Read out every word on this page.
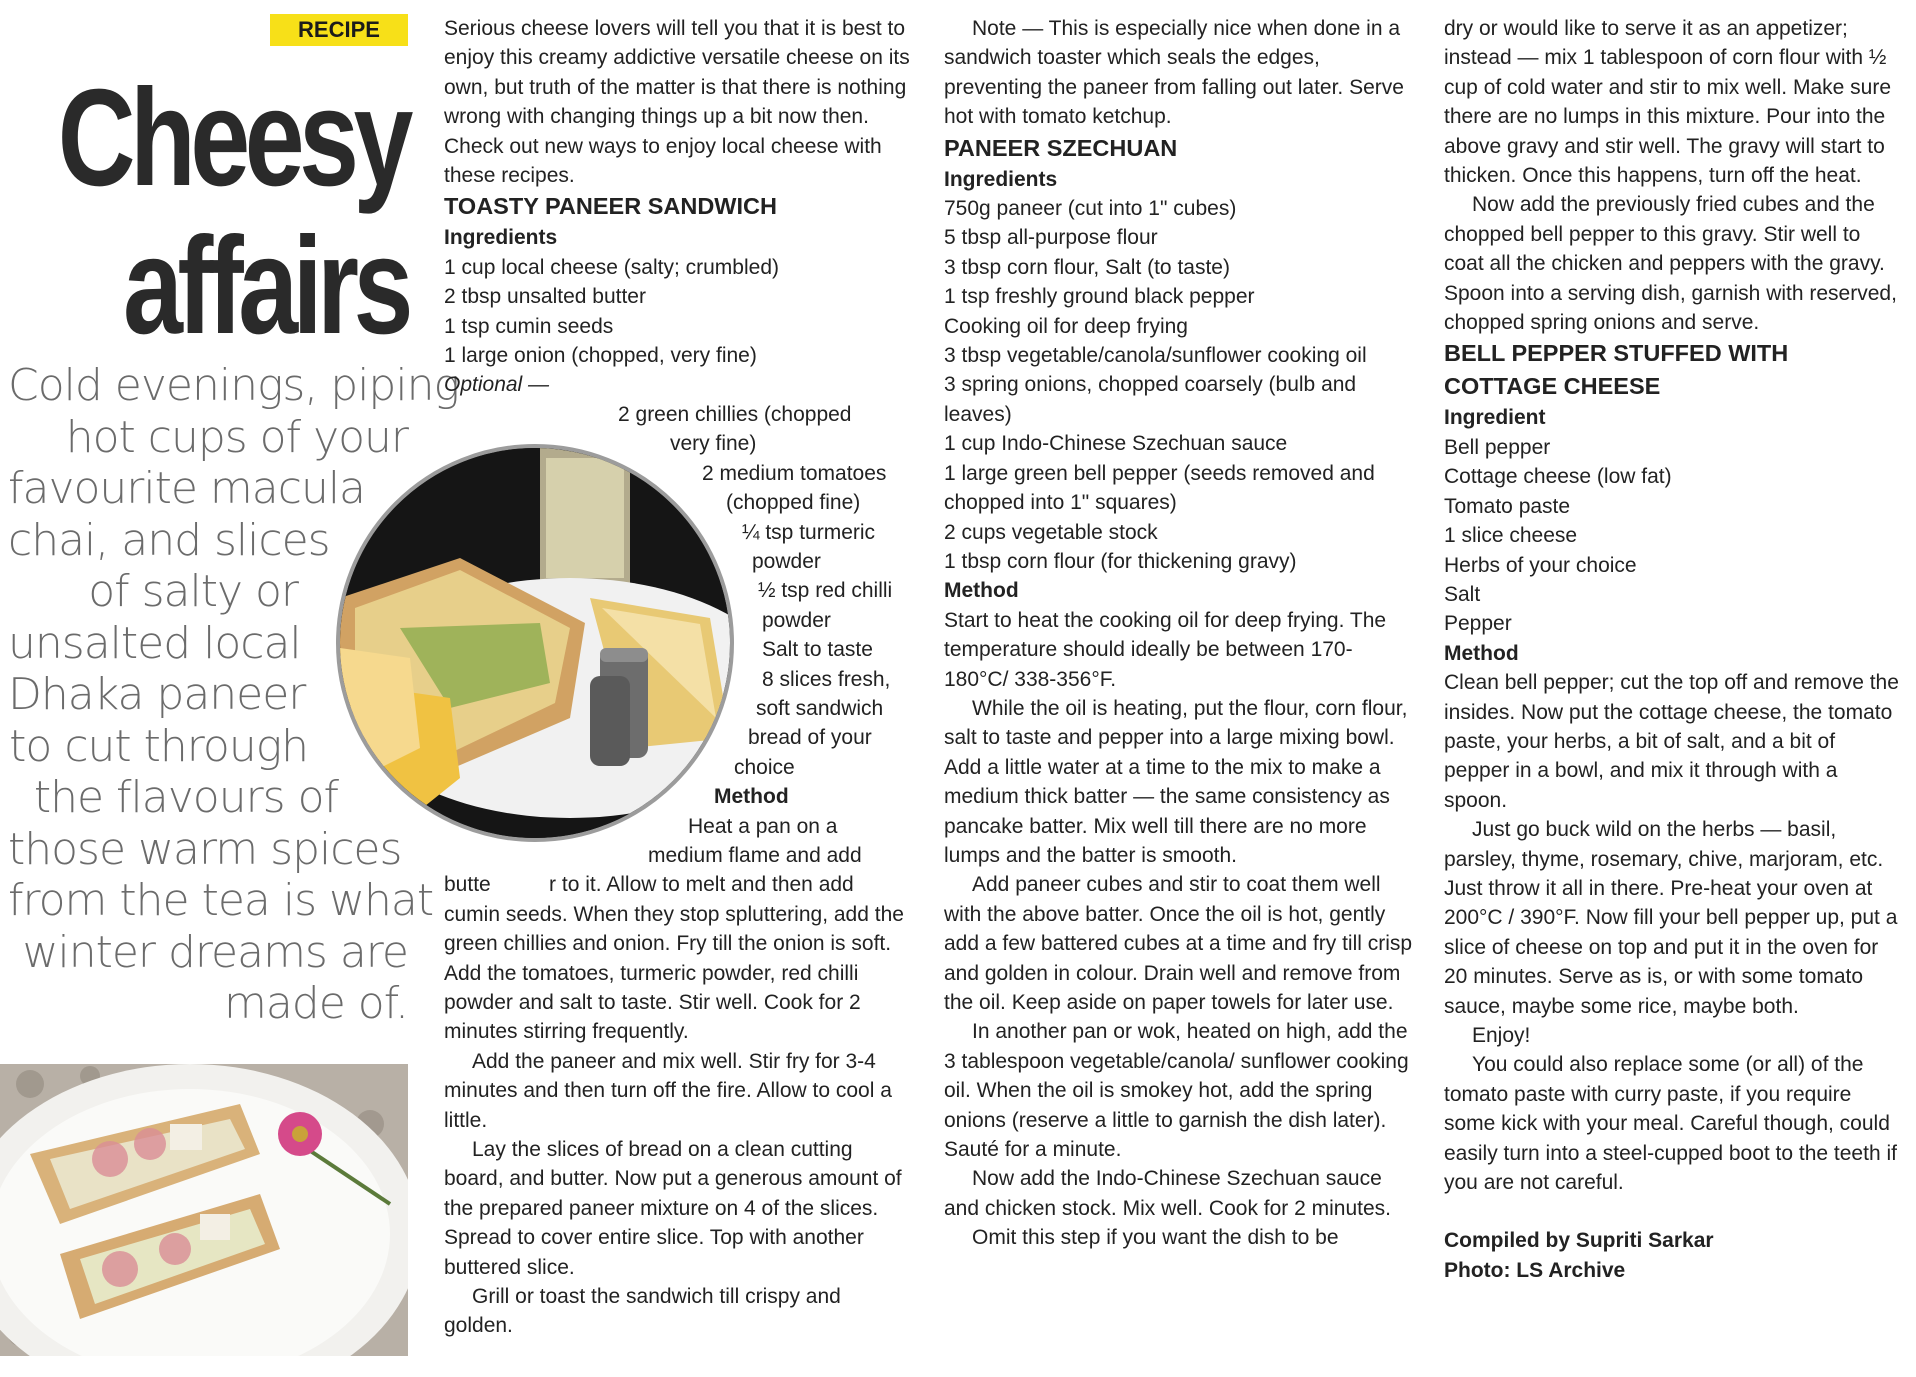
RECIPE
Cheesy
affairs
Cold evenings, piping
hot cups of your
favourite macula
chai, and slices
of salty or
unsalted local
Dhaka paneer
to cut through
the flavours of
those warm spices
from the tea is what
winter dreams are
made of.

Serious cheese lovers will tell you that it is best to enjoy this creamy addictive versatile cheese on its own, but truth of the matter is that there is nothing wrong with changing things up a bit now then. Check out new ways to enjoy local cheese with these recipes.

TOASTY PANEER SANDWICH
Ingredients
1 cup local cheese (salty; crumbled)
2 tbsp unsalted butter
1 tsp cumin seeds
1 large onion (chopped, very fine)
Optional —
2 green chillies (chopped
very fine)
2 medium tomatoes
(chopped fine)
¼ tsp turmeric
powder
½ tsp red chilli
powder
Salt to taste
8 slices fresh,
soft sandwich
bread of your
choice
Method
Heat a pan on a
medium flame and add

butte          r to it. Allow to melt and then add cumin seeds. When they stop spluttering, add the green chillies and onion. Fry till the onion is soft. Add the tomatoes, turmeric powder, red chilli powder and salt to taste. Stir well. Cook for 2 minutes stirring frequently.

Add the paneer and mix well. Stir fry for 3-4 minutes and then turn off the fire. Allow to cool a little.

Lay the slices of bread on a clean cutting board, and butter. Now put a generous amount of the prepared paneer mixture on 4 of the slices. Spread to cover entire slice. Top with another buttered slice.

Grill or toast the sandwich till crispy and golden.

Note — This is especially nice when done in a sandwich toaster which seals the edges, preventing the paneer from falling out later. Serve hot with tomato ketchup.

PANEER SZECHUAN
Ingredients

750g paneer (cut into 1" cubes)

5 tbsp all-purpose flour

3 tbsp corn flour, Salt (to taste)

1 tsp freshly ground black pepper

Cooking oil for deep frying

3 tbsp vegetable/canola/sunflower cooking oil

3 spring onions, chopped coarsely (bulb and leaves)

1 cup Indo-Chinese Szechuan sauce

1 large green bell pepper (seeds removed and chopped into 1" squares)

2 cups vegetable stock

1 tbsp corn flour (for thickening gravy)

Method

Start to heat the cooking oil for deep frying. The temperature should ideally be between 170-180°C/ 338-356°F.

While the oil is heating, put the flour, corn flour, salt to taste and pepper into a large mixing bowl. Add a little water at a time to the mix to make a medium thick batter — the same consistency as pancake batter. Mix well till there are no more lumps and the batter is smooth.

Add paneer cubes and stir to coat them well with the above batter. Once the oil is hot, gently add a few battered cubes at a time and fry till crisp and golden in colour. Drain well and remove from the oil. Keep aside on paper towels for later use.

In another pan or wok, heated on high, add the 3 tablespoon vegetable/canola/ sunflower cooking oil. When the oil is smokey hot, add the spring onions (reserve a little to garnish the dish later). Sauté for a minute.

Now add the Indo-Chinese Szechuan sauce and chicken stock. Mix well. Cook for 2 minutes.

Omit this step if you want the dish to be

dry or would like to serve it as an appetizer; instead — mix 1 tablespoon of corn flour with ½ cup of cold water and stir to mix well. Make sure there are no lumps in this mixture. Pour into the above gravy and stir well. The gravy will start to thicken. Once this happens, turn off the heat.

Now add the previously fried cubes and the chopped bell pepper to this gravy. Stir well to coat all the chicken and peppers with the gravy. Spoon into a serving dish, garnish with reserved, chopped spring onions and serve.

BELL PEPPER STUFFED WITH COTTAGE CHEESE
Ingredient

Bell pepper

Cottage cheese (low fat)

Tomato paste

1 slice cheese

Herbs of your choice

Salt

Pepper

Method

Clean bell pepper; cut the top off and remove the insides. Now put the cottage cheese, the tomato paste, your herbs, a bit of salt, and a bit of pepper in a bowl, and mix it through with a spoon.

Just go buck wild on the herbs — basil, parsley, thyme, rosemary, chive, marjoram, etc. Just throw it all in there. Pre-heat your oven at 200°C / 390°F. Now fill your bell pepper up, put a slice of cheese on top and put it in the oven for 20 minutes. Serve as is, or with some tomato sauce, maybe some rice, maybe both.

Enjoy!

You could also replace some (or all) of the tomato paste with curry paste, if you require some kick with your meal. Careful though, could easily turn into a steel-cupped boot to the teeth if you are not careful.

Compiled by Supriti Sarkar

Photo: LS Archive
